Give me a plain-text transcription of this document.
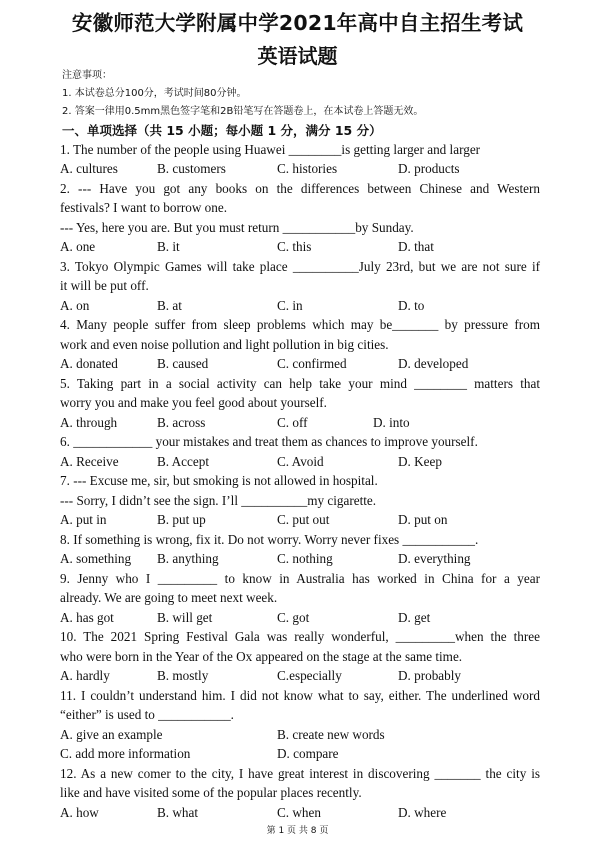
安徽师范大学附属中学2021年高中自主招生考试
英语试题
注意事项：
1. 本试卷总分100分，考试时间80分钟。
2. 答案一律用0.5mm黑色签字笔和2B铅笔写在答题卷上，在本试卷上答题无效。
一、单项选择（共 15 小题；每小题 1 分，满分 15 分）
1. The number of the people using Huawei ________is getting larger and larger
A. cultures	B. customers	C. histories	D. products
2. --- Have you got any books on the differences between Chinese and Western
festivals? I want to borrow one.
--- Yes, here you are. But you must return ___________by Sunday.
A. one	B. it	C. this	D. that
3. Tokyo Olympic Games will take place __________July 23rd, but we are not sure if
it will be put off.
A. on	B. at	C. in	D. to
4. Many people suffer from sleep problems which may be_______ by pressure from
work and even noise pollution and light pollution in big cities.
A. donated	B. caused	C. confirmed	D. developed
5. Taking part in a social activity can help take your mind ________ matters that
worry you and make you feel good about yourself.
A. through	B. across	C. off	D. into
6. ____________ your mistakes and treat them as chances to improve yourself.
A. Receive	B. Accept	C. Avoid	D. Keep
7. --- Excuse me, sir, but smoking is not allowed in hospital.
--- Sorry, I didn’t see the sign. I’ll __________my cigarette.
A. put in	B. put up	C. put out	D. put on
8. If something is wrong, fix it. Do not worry. Worry never fixes ___________.
A. something B. anything	C. nothing	D. everything
9. Jenny who I _________ to know in Australia has worked in China for a year
already. We are going to meet next week.
A. has got	B. will get	C. got	D. get
10. The 2021 Spring Festival Gala was really wonderful, _________when the three
who were born in the Year of the Ox appeared on the stage at the same time.
A. hardly	B. mostly	C.especially	D. probably
11. I couldn’t understand him. I did not know what to say, either. The underlined word
“either” is used to ___________.
A. give an example	B. create new words
C. add more information	D. compare
12. As a new comer to the city, I have great interest in discovering _______ the city is
like and have visited some of the popular places recently.
A. how	B. what	C. when	D. where
第 1 页 共 8 页
